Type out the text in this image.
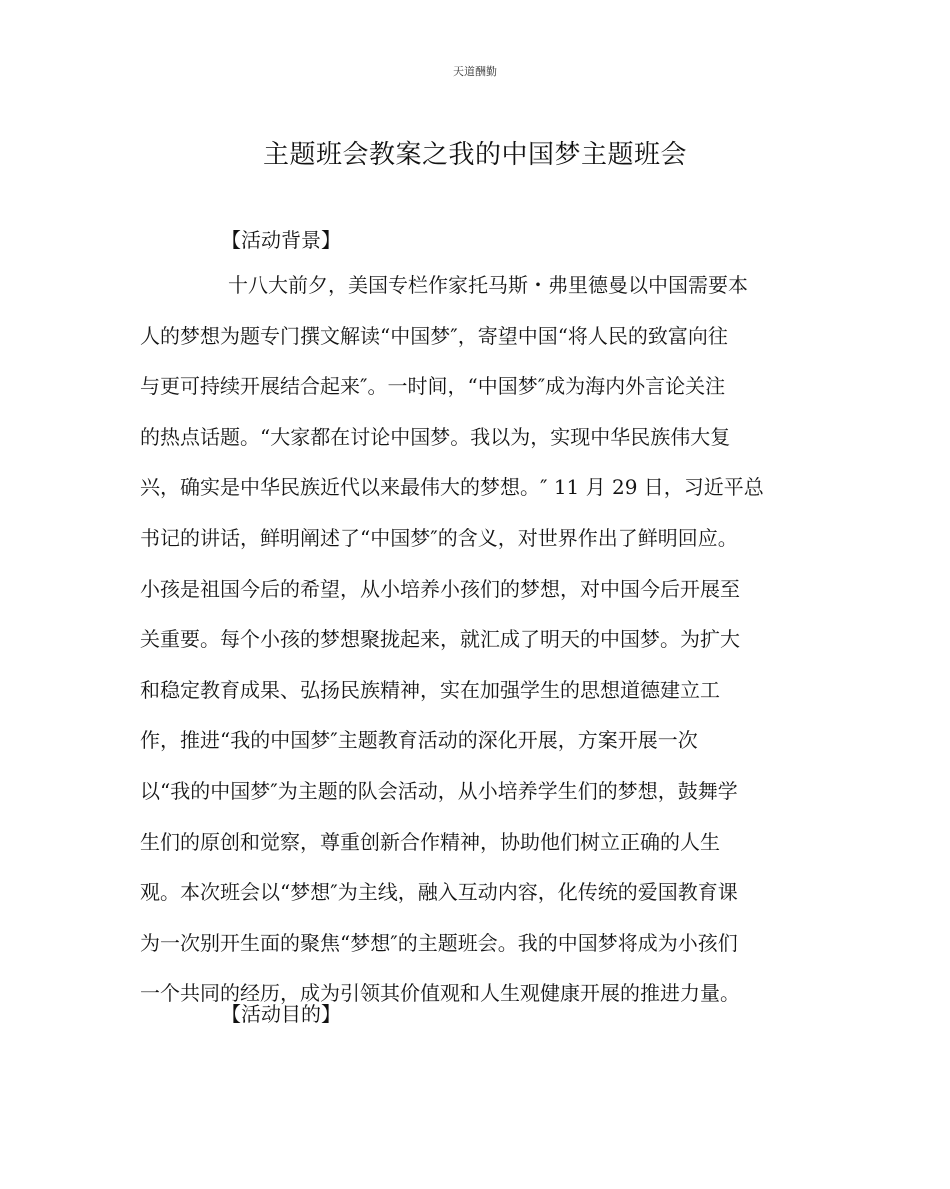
天道酬勤
主题班会教案之我的中国梦主题班会
【活动背景】
十八大前夕，美国专栏作家托马斯・弗里德曼以中国需要本
人的梦想为题专门撰文解读“中国梦″，寄望中国“将人民的致富向往
与更可持续开展结合起来″。一时间，“中国梦″成为海内外言论关注
的热点话题。“大家都在讨论中国梦。我以为，实现中华民族伟大复
兴，确实是中华民族近代以来最伟大的梦想。″ 11 月 29 日，习近平总
书记的讲话，鲜明阐述了“中国梦″的含义，对世界作出了鲜明回应。
小孩是祖国今后的希望，从小培养小孩们的梦想，对中国今后开展至
关重要。每个小孩的梦想聚拢起来，就汇成了明天的中国梦。为扩大
和稳定教育成果、弘扬民族精神，实在加强学生的思想道德建立工
作，推进“我的中国梦″主题教育活动的深化开展，方案开展一次
以“我的中国梦″为主题的队会活动，从小培养学生们的梦想，鼓舞学
生们的原创和觉察，尊重创新合作精神，协助他们树立正确的人生
观。本次班会以“梦想″为主线，融入互动内容，化传统的爱国教育课
为一次别开生面的聚焦“梦想″的主题班会。我的中国梦将成为小孩们
一个共同的经历，成为引领其价值观和人生观健康开展的推进力量。
【活动目的】
